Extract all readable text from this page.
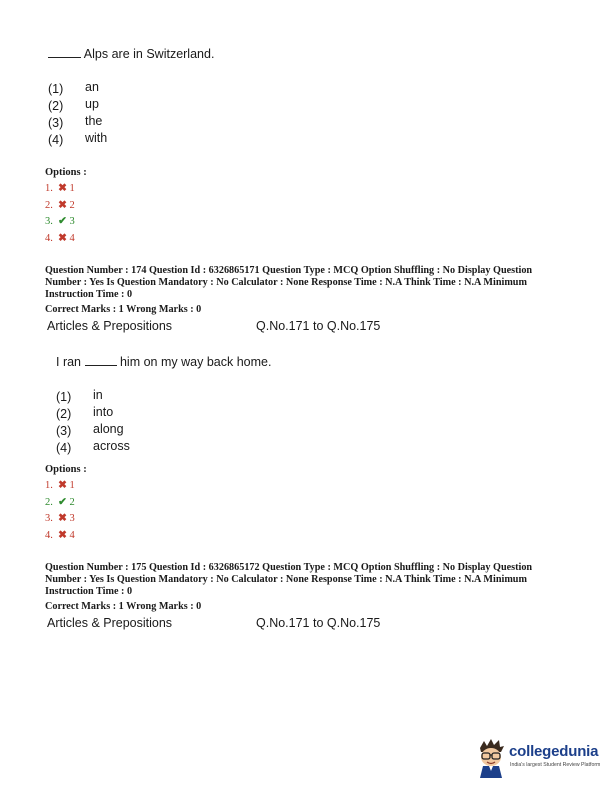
Alps are in Switzerland.
(1) an
(2) up
(3) the
(4) with
Options :
1. ✖ 1
2. ✖ 2
3. ✔ 3
4. ✖ 4
Question Number : 174 Question Id : 6326865171 Question Type : MCQ Option Shuffling : No Display Question
Number : Yes Is Question Mandatory : No Calculator : None Response Time : N.A Think Time : N.A Minimum
Instruction Time : 0
Correct Marks : 1 Wrong Marks : 0
Articles & Prepositions	Q.No.171 to Q.No.175
I ran	him on my way back home.
(1) in
(2) into
(3) along
(4) across
Options :
1. ✖ 1
2. ✔ 2
3. ✖ 3
4. ✖ 4
Question Number : 175 Question Id : 6326865172 Question Type : MCQ Option Shuffling : No Display Question
Number : Yes Is Question Mandatory : No Calculator : None Response Time : N.A Think Time : N.A Minimum
Instruction Time : 0
Correct Marks : 1 Wrong Marks : 0
Articles & Prepositions	Q.No.171 to Q.No.175
collegedunia
India's largest Student Review Platform
